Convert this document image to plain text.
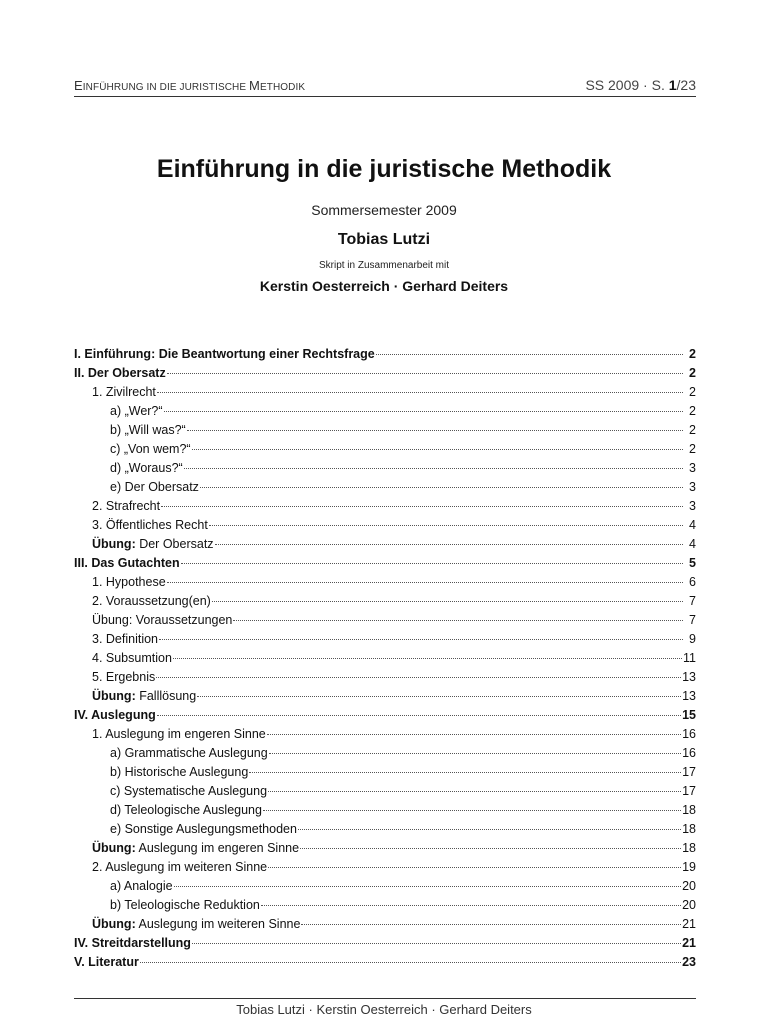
EINFÜHRUNG IN DIE JURISTISCHE METHODIK	SS 2009 · S. 1/23
Einführung in die juristische Methodik
Sommersemester 2009
Tobias Lutzi
Skript in Zusammenarbeit mit
Kerstin Oesterreich · Gerhard Deiters
I. Einführung: Die Beantwortung einer Rechtsfrage	2
II. Der Obersatz	2
1. Zivilrecht	2
a) „Wer?“	2
b) „Will was?“	2
c) „Von wem?“	2
d) „Woraus?“	3
e) Der Obersatz	3
2. Strafrecht	3
3. Öffentliches Recht	4
Übung: Der Obersatz	4
III. Das Gutachten	5
1. Hypothese	6
2. Voraussetzung(en)	7
Übung: Voraussetzungen	7
3. Definition	9
4. Subsumtion	11
5. Ergebnis	13
Übung: Falllösung	13
IV. Auslegung	15
1. Auslegung im engeren Sinne	16
a) Grammatische Auslegung	16
b) Historische Auslegung	17
c) Systematische Auslegung	17
d) Teleologische Auslegung	18
e) Sonstige Auslegungsmethoden	18
Übung: Auslegung im engeren Sinne	18
2. Auslegung im weiteren Sinne	19
a) Analogie	20
b) Teleologische Reduktion	20
Übung: Auslegung im weiteren Sinne	21
IV. Streitdarstellung	21
V. Literatur	23
Tobias Lutzi · Kerstin Oesterreich · Gerhard Deiters
